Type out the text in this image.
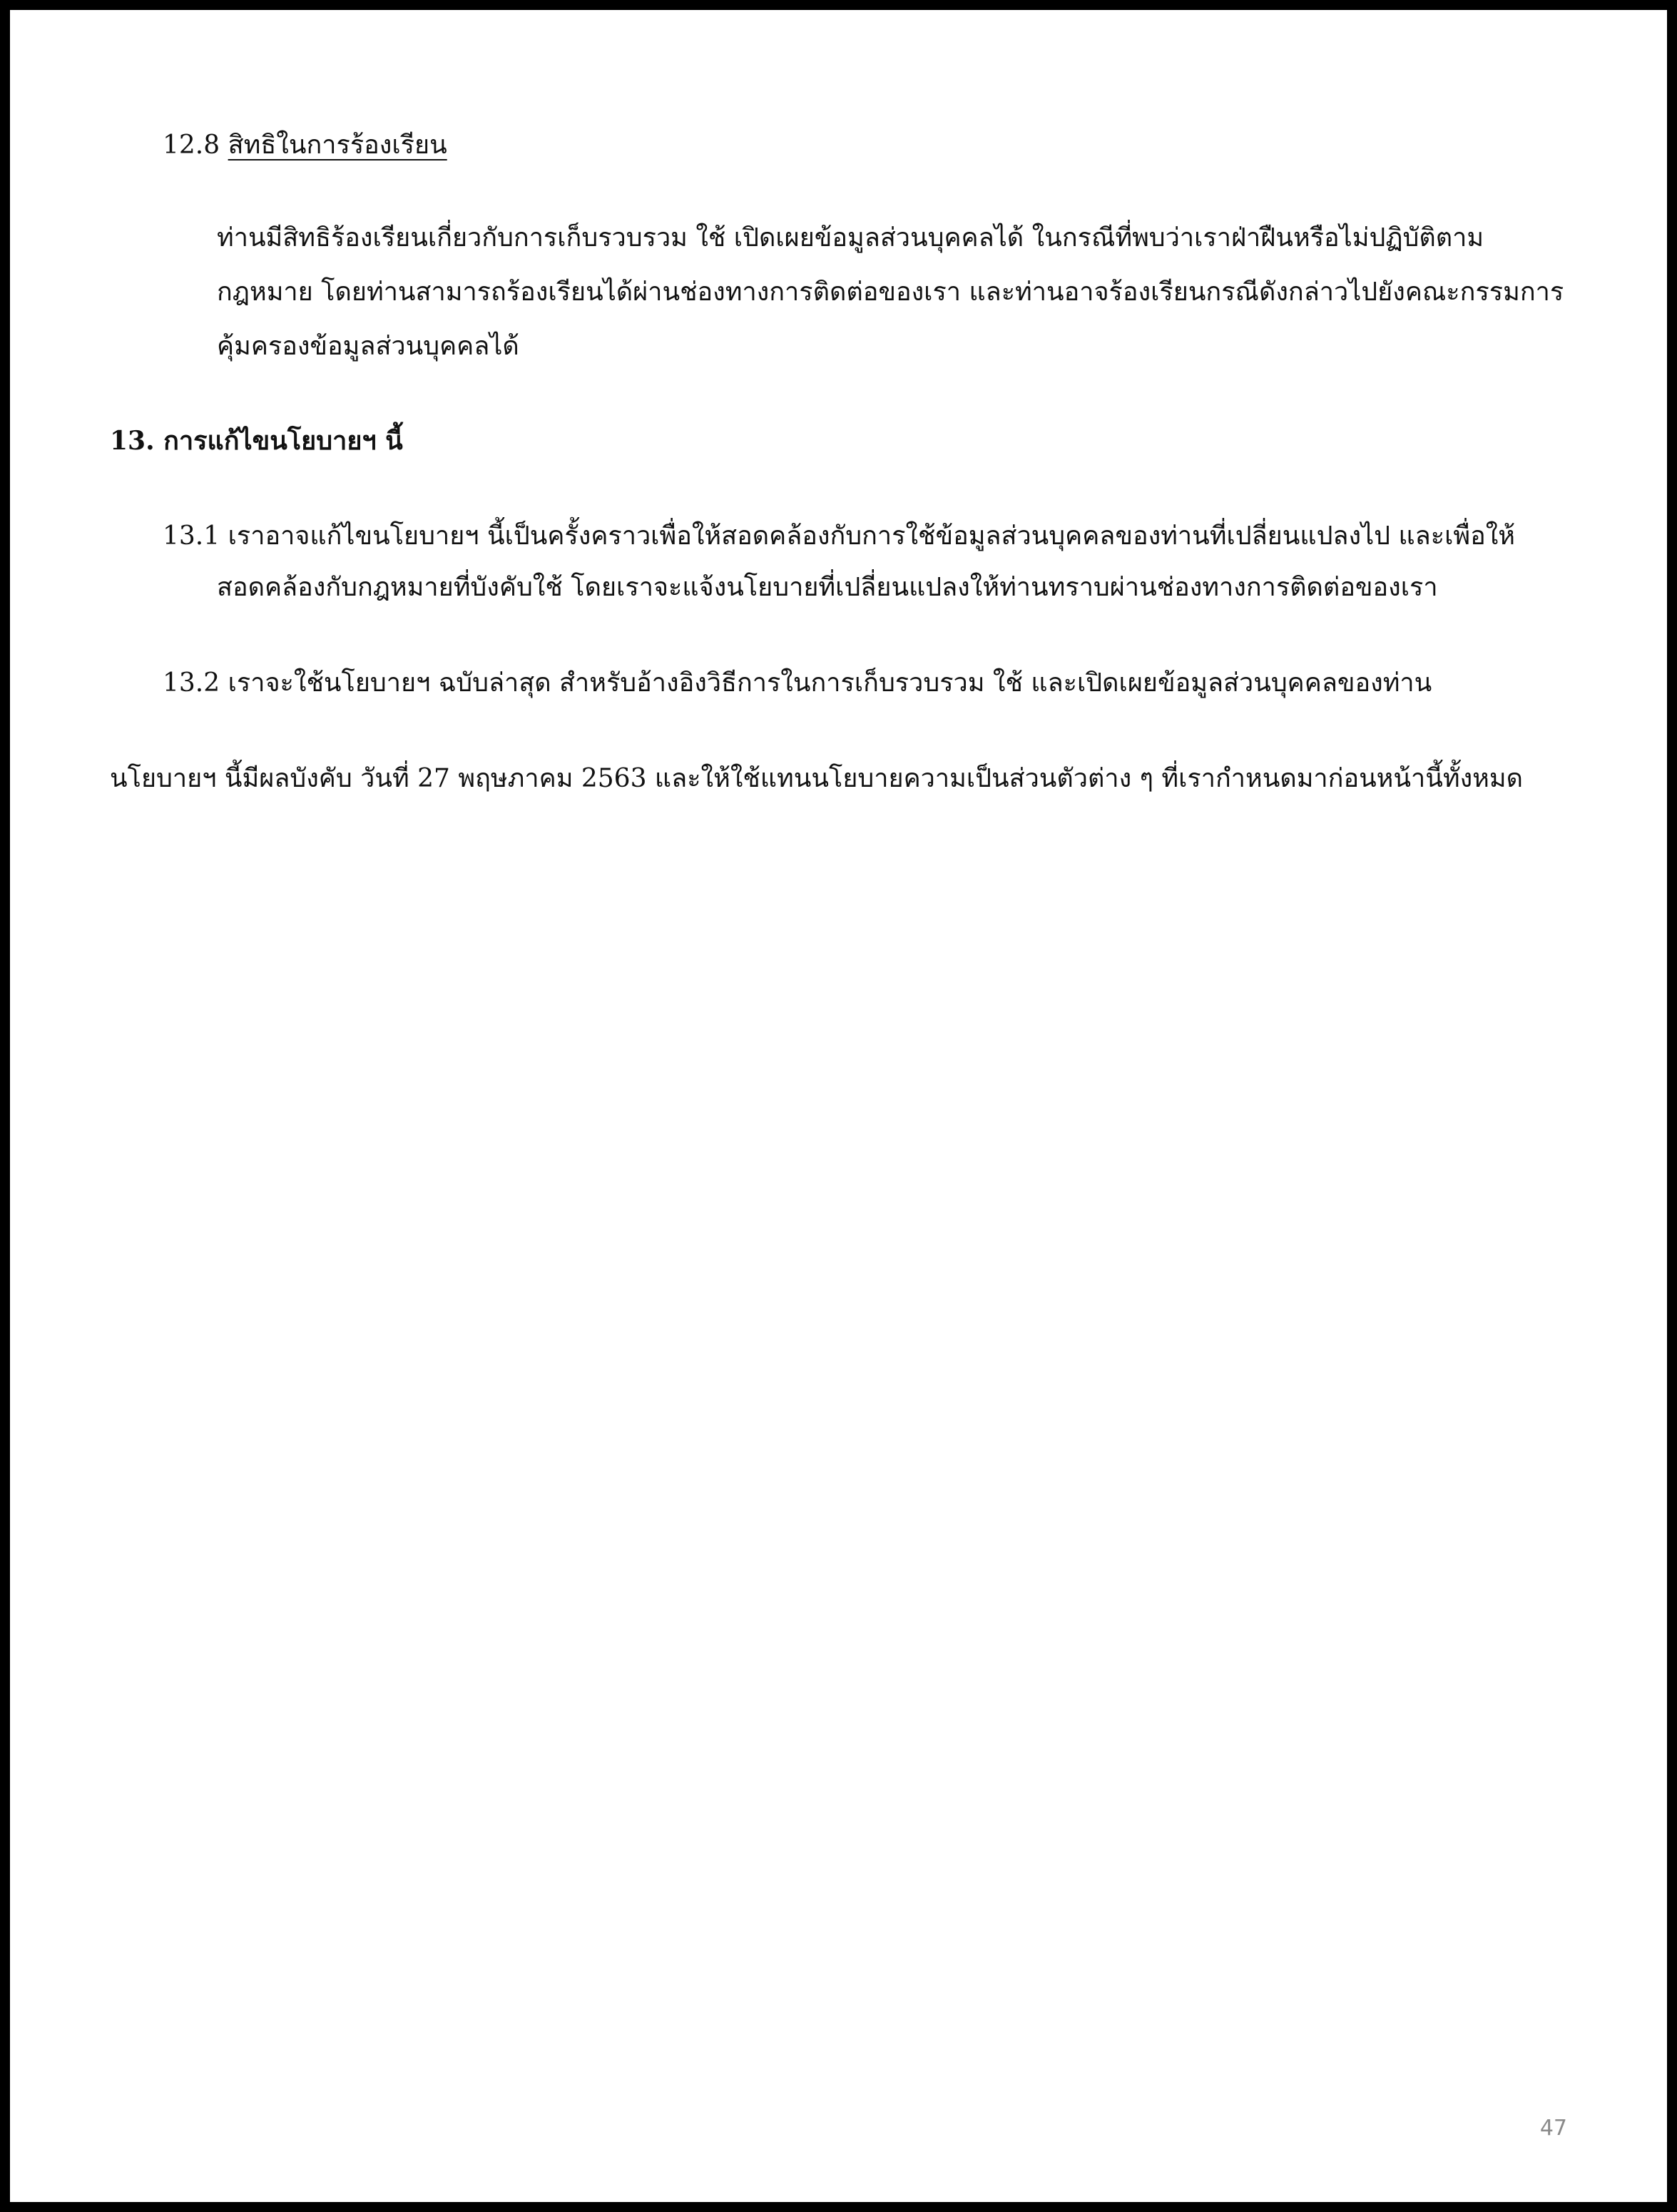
12.8 สิทธิในการร้องเรียน
ท่านมีสิทธิร้องเรียนเกี่ยวกับการเก็บรวบรวม ใช้ เปิดเผยข้อมูลส่วนบุคคลได้ ในกรณีที่พบว่าเราฝ่าฝืนหรือไม่ปฏิบัติตาม
กฎหมาย โดยท่านสามารถร้องเรียนได้ผ่านช่องทางการติดต่อของเรา และท่านอาจร้องเรียนกรณีดังกล่าวไปยังคณะกรรมการ
คุ้มครองข้อมูลส่วนบุคคลได้
13. การแก้ไขนโยบายฯ นี้
13.1 เราอาจแก้ไขนโยบายฯ นี้เป็นครั้งคราวเพื่อให้สอดคล้องกับการใช้ข้อมูลส่วนบุคคลของท่านที่เปลี่ยนแปลงไป และเพื่อให้
สอดคล้องกับกฎหมายที่บังคับใช้ โดยเราจะแจ้งนโยบายที่เปลี่ยนแปลงให้ท่านทราบผ่านช่องทางการติดต่อของเรา
13.2 เราจะใช้นโยบายฯ ฉบับล่าสุด สำหรับอ้างอิงวิธีการในการเก็บรวบรวม ใช้ และเปิดเผยข้อมูลส่วนบุคคลของท่าน
นโยบายฯ นี้มีผลบังคับ วันที่ 27 พฤษภาคม 2563 และให้ใช้แทนนโยบายความเป็นส่วนตัวต่าง ๆ ที่เรากำหนดมาก่อนหน้านี้ทั้งหมด
47
